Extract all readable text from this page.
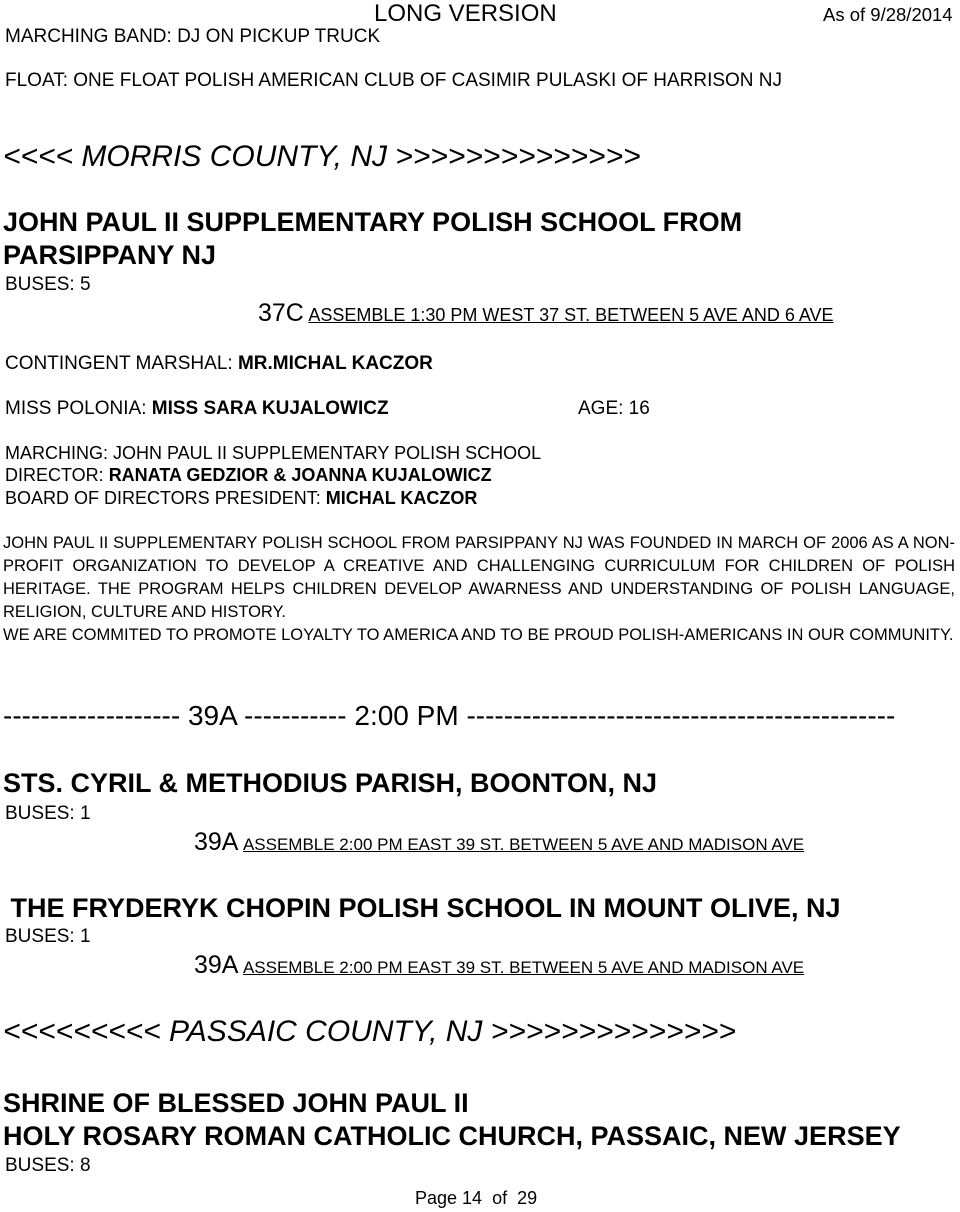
LONG VERSION	As of 9/28/2014
MARCHING BAND: DJ ON PICKUP TRUCK
FLOAT: ONE FLOAT POLISH AMERICAN CLUB OF CASIMIR PULASKI OF HARRISON NJ
<<<< MORRIS COUNTY, NJ >>>>>>>>>>>>>>
JOHN PAUL II SUPPLEMENTARY POLISH SCHOOL FROM
PARSIPPANY NJ
BUSES: 5
37C ASSEMBLE 1:30 PM WEST 37 ST. BETWEEN 5 AVE AND 6 AVE
CONTINGENT MARSHAL: MR.MICHAL KACZOR
MISS POLONIA: MISS SARA KUJALOWICZ	AGE: 16
MARCHING: JOHN PAUL II SUPPLEMENTARY POLISH SCHOOL
DIRECTOR: RANATA GEDZIOR & JOANNA KUJALOWICZ
BOARD OF DIRECTORS PRESIDENT: MICHAL KACZOR

JOHN PAUL II SUPPLEMENTARY POLISH SCHOOL FROM PARSIPPANY NJ WAS FOUNDED IN MARCH OF 2006 AS A NON-PROFIT ORGANIZATION TO DEVELOP A CREATIVE AND CHALLENGING CURRICULUM FOR CHILDREN OF POLISH HERITAGE. THE PROGRAM HELPS CHILDREN DEVELOP AWARNESS AND UNDERSTANDING OF POLISH LANGUAGE, RELIGION, CULTURE AND HISTORY.

WE ARE COMMITED TO PROMOTE LOYALTY TO AMERICA AND TO BE PROUD POLISH-AMERICANS IN OUR COMMUNITY.

------------------- 39A ----------- 2:00 PM ----------------------------------------------
STS. CYRIL & METHODIUS PARISH, BOONTON, NJ
BUSES: 1
39A ASSEMBLE 2:00 PM EAST 39 ST. BETWEEN 5 AVE AND MADISON AVE
THE FRYDERYK CHOPIN POLISH SCHOOL IN MOUNT OLIVE, NJ
BUSES: 1
39A ASSEMBLE 2:00 PM EAST 39 ST. BETWEEN 5 AVE AND MADISON AVE
<<<<<<<<< PASSAIC COUNTY, NJ >>>>>>>>>>>>>>
SHRINE OF BLESSED JOHN PAUL II
HOLY ROSARY ROMAN CATHOLIC CHURCH, PASSAIC, NEW JERSEY
BUSES: 8
Page 14  of  29
